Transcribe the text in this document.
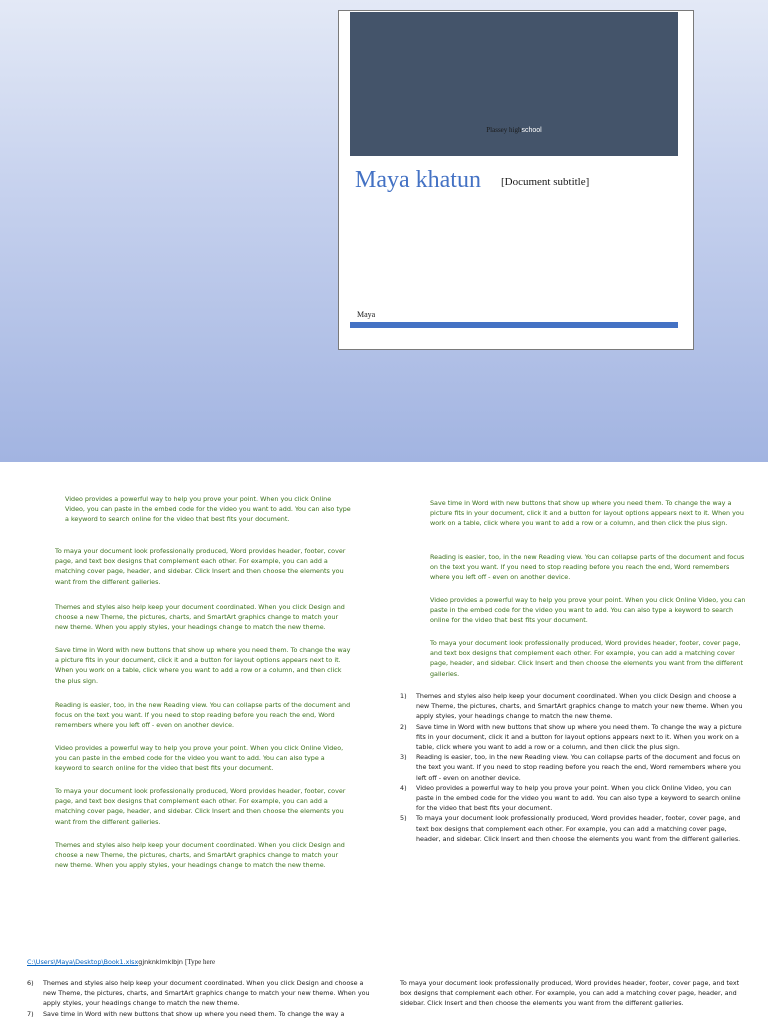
Plassey highschool
Maya khatun [Document subtitle]
Maya

Video provides a powerful way to help you prove your point. When you click Online Video, you can paste in the embed code for the video you want to add. You can also type a keyword to search online for the video that best fits your document.

To maya your document look professionally produced, Word provides header, footer, cover page, and text box designs that complement each other. For example, you can add a matching cover page, header, and sidebar. Click Insert and then choose the elements you want from the different galleries.

Themes and styles also help keep your document coordinated. When you click Design and choose a new Theme, the pictures, charts, and SmartArt graphics change to match your new theme. When you apply styles, your headings change to match the new theme.

Save time in Word with new buttons that show up where you need them. To change the way a picture fits in your document, click it and a button for layout options appears next to it. When you work on a table, click where you want to add a row or a column, and then click the plus sign.

Reading is easier, too, in the new Reading view. You can collapse parts of the document and focus on the text you want. If you need to stop reading before you reach the end, Word remembers where you left off - even on another device.

Video provides a powerful way to help you prove your point. When you click Online Video, you can paste in the embed code for the video you want to add. You can also type a keyword to search online for the video that best fits your document.

To maya your document look professionally produced, Word provides header, footer, cover page, and text box designs that complement each other. For example, you can add a matching cover page, header, and sidebar. Click Insert and then choose the elements you want from the different galleries.

Themes and styles also help keep your document coordinated. When you click Design and choose a new Theme, the pictures, charts, and SmartArt graphics change to match your new theme. When you apply styles, your headings change to match the new theme.

Save time in Word with new buttons that show up where you need them. To change the way a picture fits in your document, click it and a button for layout options appears next to it. When you work on a table, click where you want to add a row or a column, and then click the plus sign.

Reading is easier, too, in the new Reading view. You can collapse parts of the document and focus on the text you want. If you need to stop reading before you reach the end, Word remembers where you left off - even on another device.

Video provides a powerful way to help you prove your point. When you click Online Video, you can paste in the embed code for the video you want to add. You can also type a keyword to search online for the video that best fits your document.

To maya your document look professionally produced, Word provides header, footer, cover page, and text box designs that complement each other. For example, you can add a matching cover page, header, and sidebar. Click Insert and then choose the elements you want from the different galleries.

1) Themes and styles also help keep your document coordinated. When you click Design and choose a new Theme, the pictures, charts, and SmartArt graphics change to match your new theme. When you apply styles, your headings change to match the new theme.
2) Save time in Word with new buttons that show up where you need them. To change the way a picture fits in your document, click it and a button for layout options appears next to it. When you work on a table, click where you want to add a row or a column, and then click the plus sign.
3) Reading is easier, too, in the new Reading view. You can collapse parts of the document and focus on the text you want. If you need to stop reading before you reach the end, Word remembers where you left off - even on another device.
4) Video provides a powerful way to help you prove your point. When you click Online Video, you can paste in the embed code for the video you want to add. You can also type a keyword to search online for the video that best fits your document.
5) To maya your document look professionally produced, Word provides header, footer, cover page, and text box designs that complement each other. For example, you can add a matching cover page, header, and sidebar. Click Insert and then choose the elements you want from the different galleries.
C:\Users\Maya\Desktop\Book1.xlsxgjnknklmklbjn [Type here
6) Themes and styles also help keep your document coordinated. When you click Design and choose a new Theme, the pictures, charts, and SmartArt graphics change to match your new theme. When you apply styles, your headings change to match the new theme.
7) Save time in Word with new buttons that show up where you need them. To change the way a

To maya your document look professionally produced, Word provides header, footer, cover page, and text box designs that complement each other. For example, you can add a matching cover page, header, and sidebar. Click Insert and then choose the elements you want from the different galleries.
